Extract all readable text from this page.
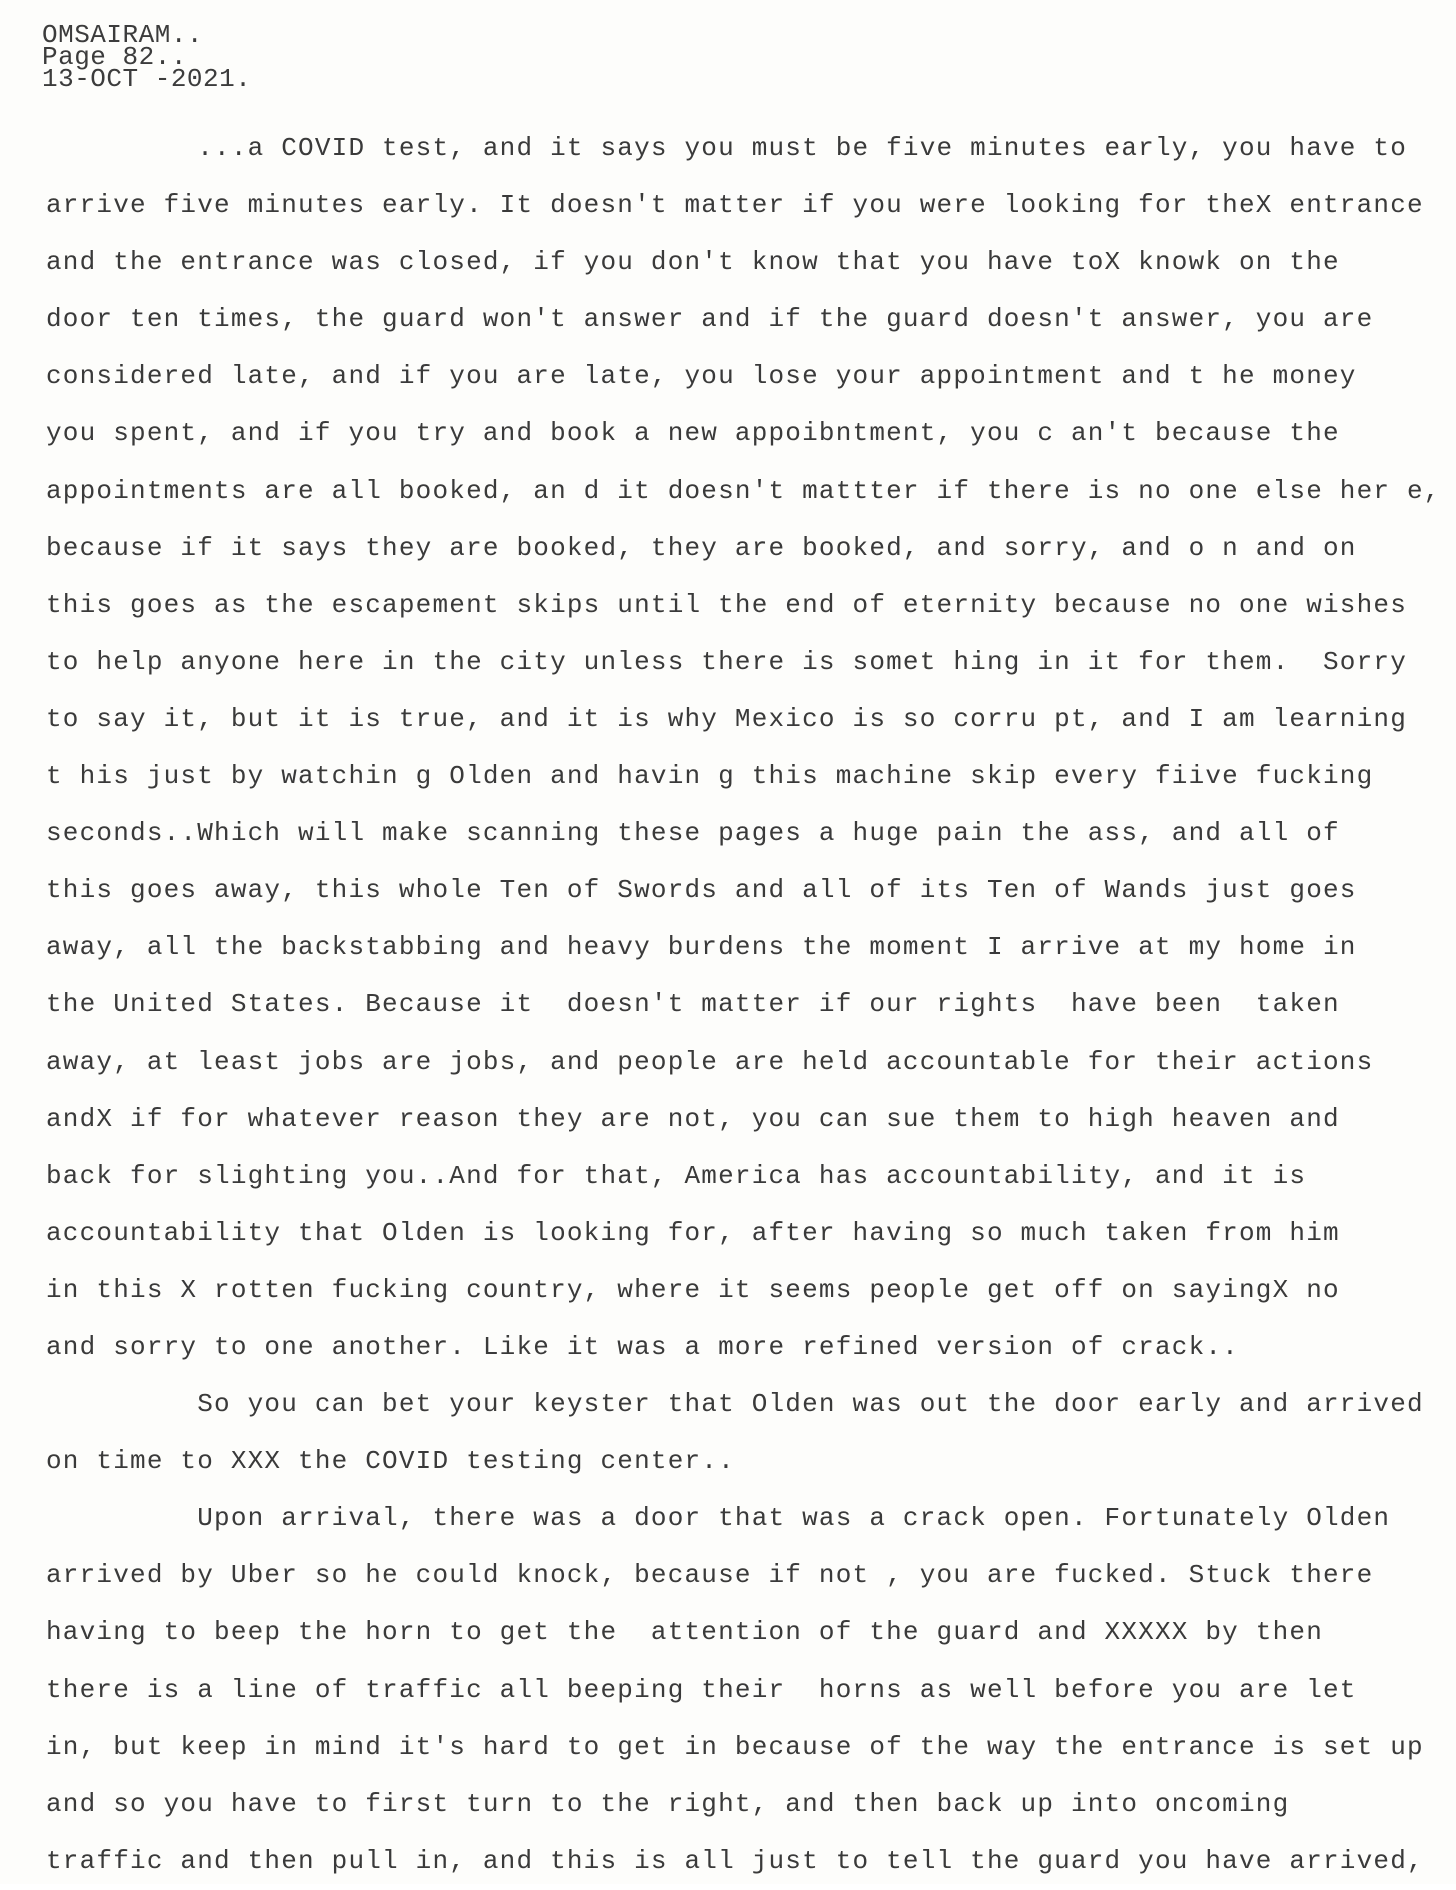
OMSAIRAM..
Page 82..
13-OCT -2021.
...a COVID test, and it says you must be five minutes early, you have to
arrive five minutes early. It doesn't matter if you were looking for theX entrance
and the entrance was closed, if you don't know that you have toX knowk on the
door ten times, the guard won't answer and if the guard doesn't answer, you are
considered late, and if you are late, you lose your appointment and t he money
you spent, and if you try and book a new appoibntment, you c an't because the
appointments are all booked, an d it doesn't mattter if there is no one else her e,
because if it says they are booked, they are booked, and sorry, and o n and on
this goes as the escapement skips until the end of eternity because no one wishes
to help anyone here in the city unless there is somet hing in it for them.  Sorry
to say it, but it is true, and it is why Mexico is so corru pt, and I am learning
t his just by watchin g Olden and havin g this machine skip every fiive fucking
seconds..Which will make scanning these pages a huge pain the ass, and all of
this goes away, this whole Ten of Swords and all of its Ten of Wands just goes
away, all the backstabbing and heavy burdens the moment I arrive at my home in
the United States. Because it  doesn't matter if our rights  have been  taken
away, at least jobs are jobs, and people are held accountable for their actions
andX if for whatever reason they are not, you can sue them to high heaven and
back for slighting you..And for that, America has accountability, and it is
accountability that Olden is looking for, after having so much taken from him
in this X rotten fucking country, where it seems people get off on sayingX no
and sorry to one another. Like it was a more refined version of crack..
So you can bet your keyster that Olden was out the door early and arrived
on time to XXX the COVID testing center..
Upon arrival, there was a door that was a crack open. Fortunately Olden
arrived by Uber so he could knock, because if not , you are fucked. Stuck there
having to beep the horn to get the  attention of the guard and XXXXX by then
there is a line of traffic all beeping their  horns as well before you are let
in, but keep in mind it's hard to get in because of the way the entrance is set up
and so you have to first turn to the right, and then back up into oncoming
traffic and then pull in, and this is all just to tell the guard you have arrived,
